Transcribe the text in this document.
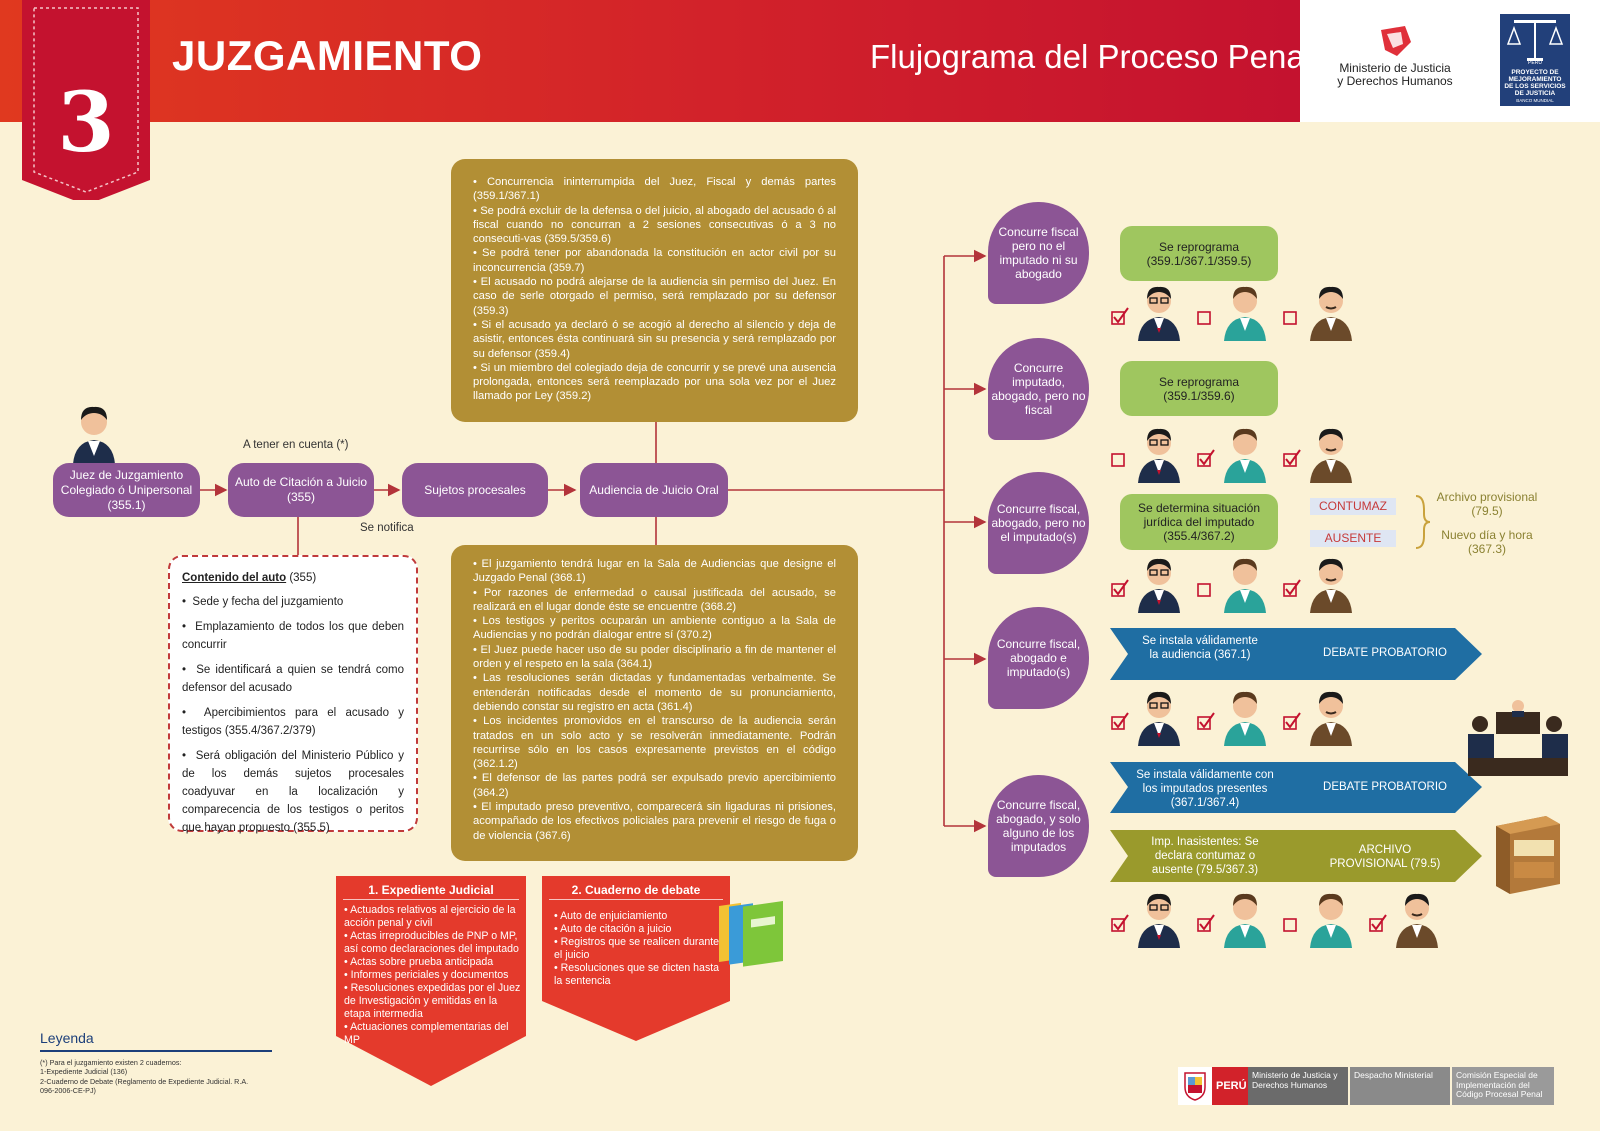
3
JUZGAMIENTO	Flujograma del Proceso Penal	Ministerio de Justicia
y Derechos Humanos
PERU
PROYECTO DE MEJORAMIENTO DE LOS SERVICIOS DE JUSTICIA
BANCO MUNDIAL
Juez de Juzgamiento Colegiado ó Unipersonal (355.1)
Auto de Citación a Juicio (355)
Sujetos procesales	Audiencia de Juicio Oral
A tener en cuenta (*)
Se notifica
Contenido del auto (355)
•  Sede y fecha del juzgamiento
•  Emplazamiento de todos los que deben concurrir
•  Se identificará a quien se tendrá como defensor del acusado
•  Apercibimientos para el acusado y testigos (355.4/367.2/379)
•  Será obligación del Ministerio Público y de los demás sujetos procesales coadyuvar en la localización y comparecencia de los testigos o peritos que hayan propuesto (355.5)

• Concurrencia ininterrumpida del Juez, Fiscal y demás partes (359.1/367.1)

• Se podrá excluir de la defensa o del juicio, al abogado del acusado ó al fiscal cuando no concurran a 2 sesiones consecutivas ó a 3 no consecuti-vas (359.5/359.6)

• Se podrá tener por abandonada la constitución en actor civil por su inconcurrencia (359.7)

• El acusado no podrá alejarse de la audiencia sin permiso del Juez. En caso de serle otorgado el permiso, será remplazado por su defensor (359.3)

• Si el acusado ya declaró ó se acogió al derecho al silencio y deja de asistir, entonces ésta continuará sin su presencia y será remplazado por su defensor (359.4)

• Si un miembro del colegiado deja de concurrir y se prevé una ausencia prolongada, entonces será reemplazado por una sola vez por el Juez llamado por Ley (359.2)

• El juzgamiento tendrá lugar en la Sala de Audiencias que designe el Juzgado Penal (368.1)

• Por razones de enfermedad o causal justificada del acusado, se realizará en el lugar donde éste se encuentre (368.2)

• Los testigos y peritos ocuparán un ambiente contiguo a la Sala de Audiencias y no podrán dialogar entre sí (370.2)

• El Juez puede hacer uso de su poder disciplinario a fin de mantener el orden y el respeto en la sala (364.1)

• Las resoluciones serán dictadas y fundamentadas verbalmente. Se entenderán notificadas desde el momento de su pronunciamiento, debiendo constar su registro en acta (361.4)

• Los incidentes promovidos en el transcurso de la audiencia serán tratados en un solo acto y se resolverán inmediatamente. Podrán recurrirse sólo en los casos expresamente previstos en el código (362.1.2)

• El defensor de las partes podrá ser expulsado previo apercibimiento (364.2)

• El imputado preso preventivo, comparecerá sin ligaduras ni prisiones, acompañado de los efectivos policiales para prevenir el riesgo de fuga o de violencia (367.6)

Concurre fiscal pero no el imputado ni su abogado
Concurre imputado, abogado, pero no fiscal
Concurre fiscal, abogado, pero no el imputado(s)
Concurre fiscal, abogado e imputado(s)
Concurre fiscal, abogado, y solo alguno de los imputados
Se reprograma (359.1/367.1/359.5)
Se reprograma (359.1/359.6)
Se determina situación jurídica del imputado (355.4/367.2)
CONTUMAZ
AUSENTE
Archivo provisional (79.5)
Nuevo día y hora (367.3)
Se instala válidamente la audiencia (367.1)	DEBATE PROBATORIO
Se instala válidamente con los imputados presentes (367.1/367.4)
DEBATE PROBATORIO
Imp. Inasistentes: Se declara contumaz o ausente (79.5/367.3)
ARCHIVO PROVISIONAL (79.5)
1. Expediente Judicial
• Actuados relativos al ejercicio de la acción penal y civil
• Actas irreproducibles de PNP o MP, así como declaraciones del imputado
• Actas sobre prueba anticipada
• Informes periciales y documentos
• Resoluciones expedidas por el Juez de Investigación y emitidas en la etapa intermedia
• Actuaciones complementarias del MP
2. Cuaderno de debate
• Auto de enjuiciamiento
• Auto de citación a juicio
• Registros que se realicen durante el juicio
• Resoluciones que se dicten hasta la sentencia
Leyenda
(*) Para el juzgamiento existen 2 cuadernos:
1-Expediente Judicial (136)
2-Cuaderno de Debate (Reglamento de Expediente Judicial. R.A.
096-2006-CE-PJ)	PERÚ
Ministerio de Justicia y Derechos Humanos
Despacho Ministerial	Comisión Especial de Implementación del Código Procesal Penal
